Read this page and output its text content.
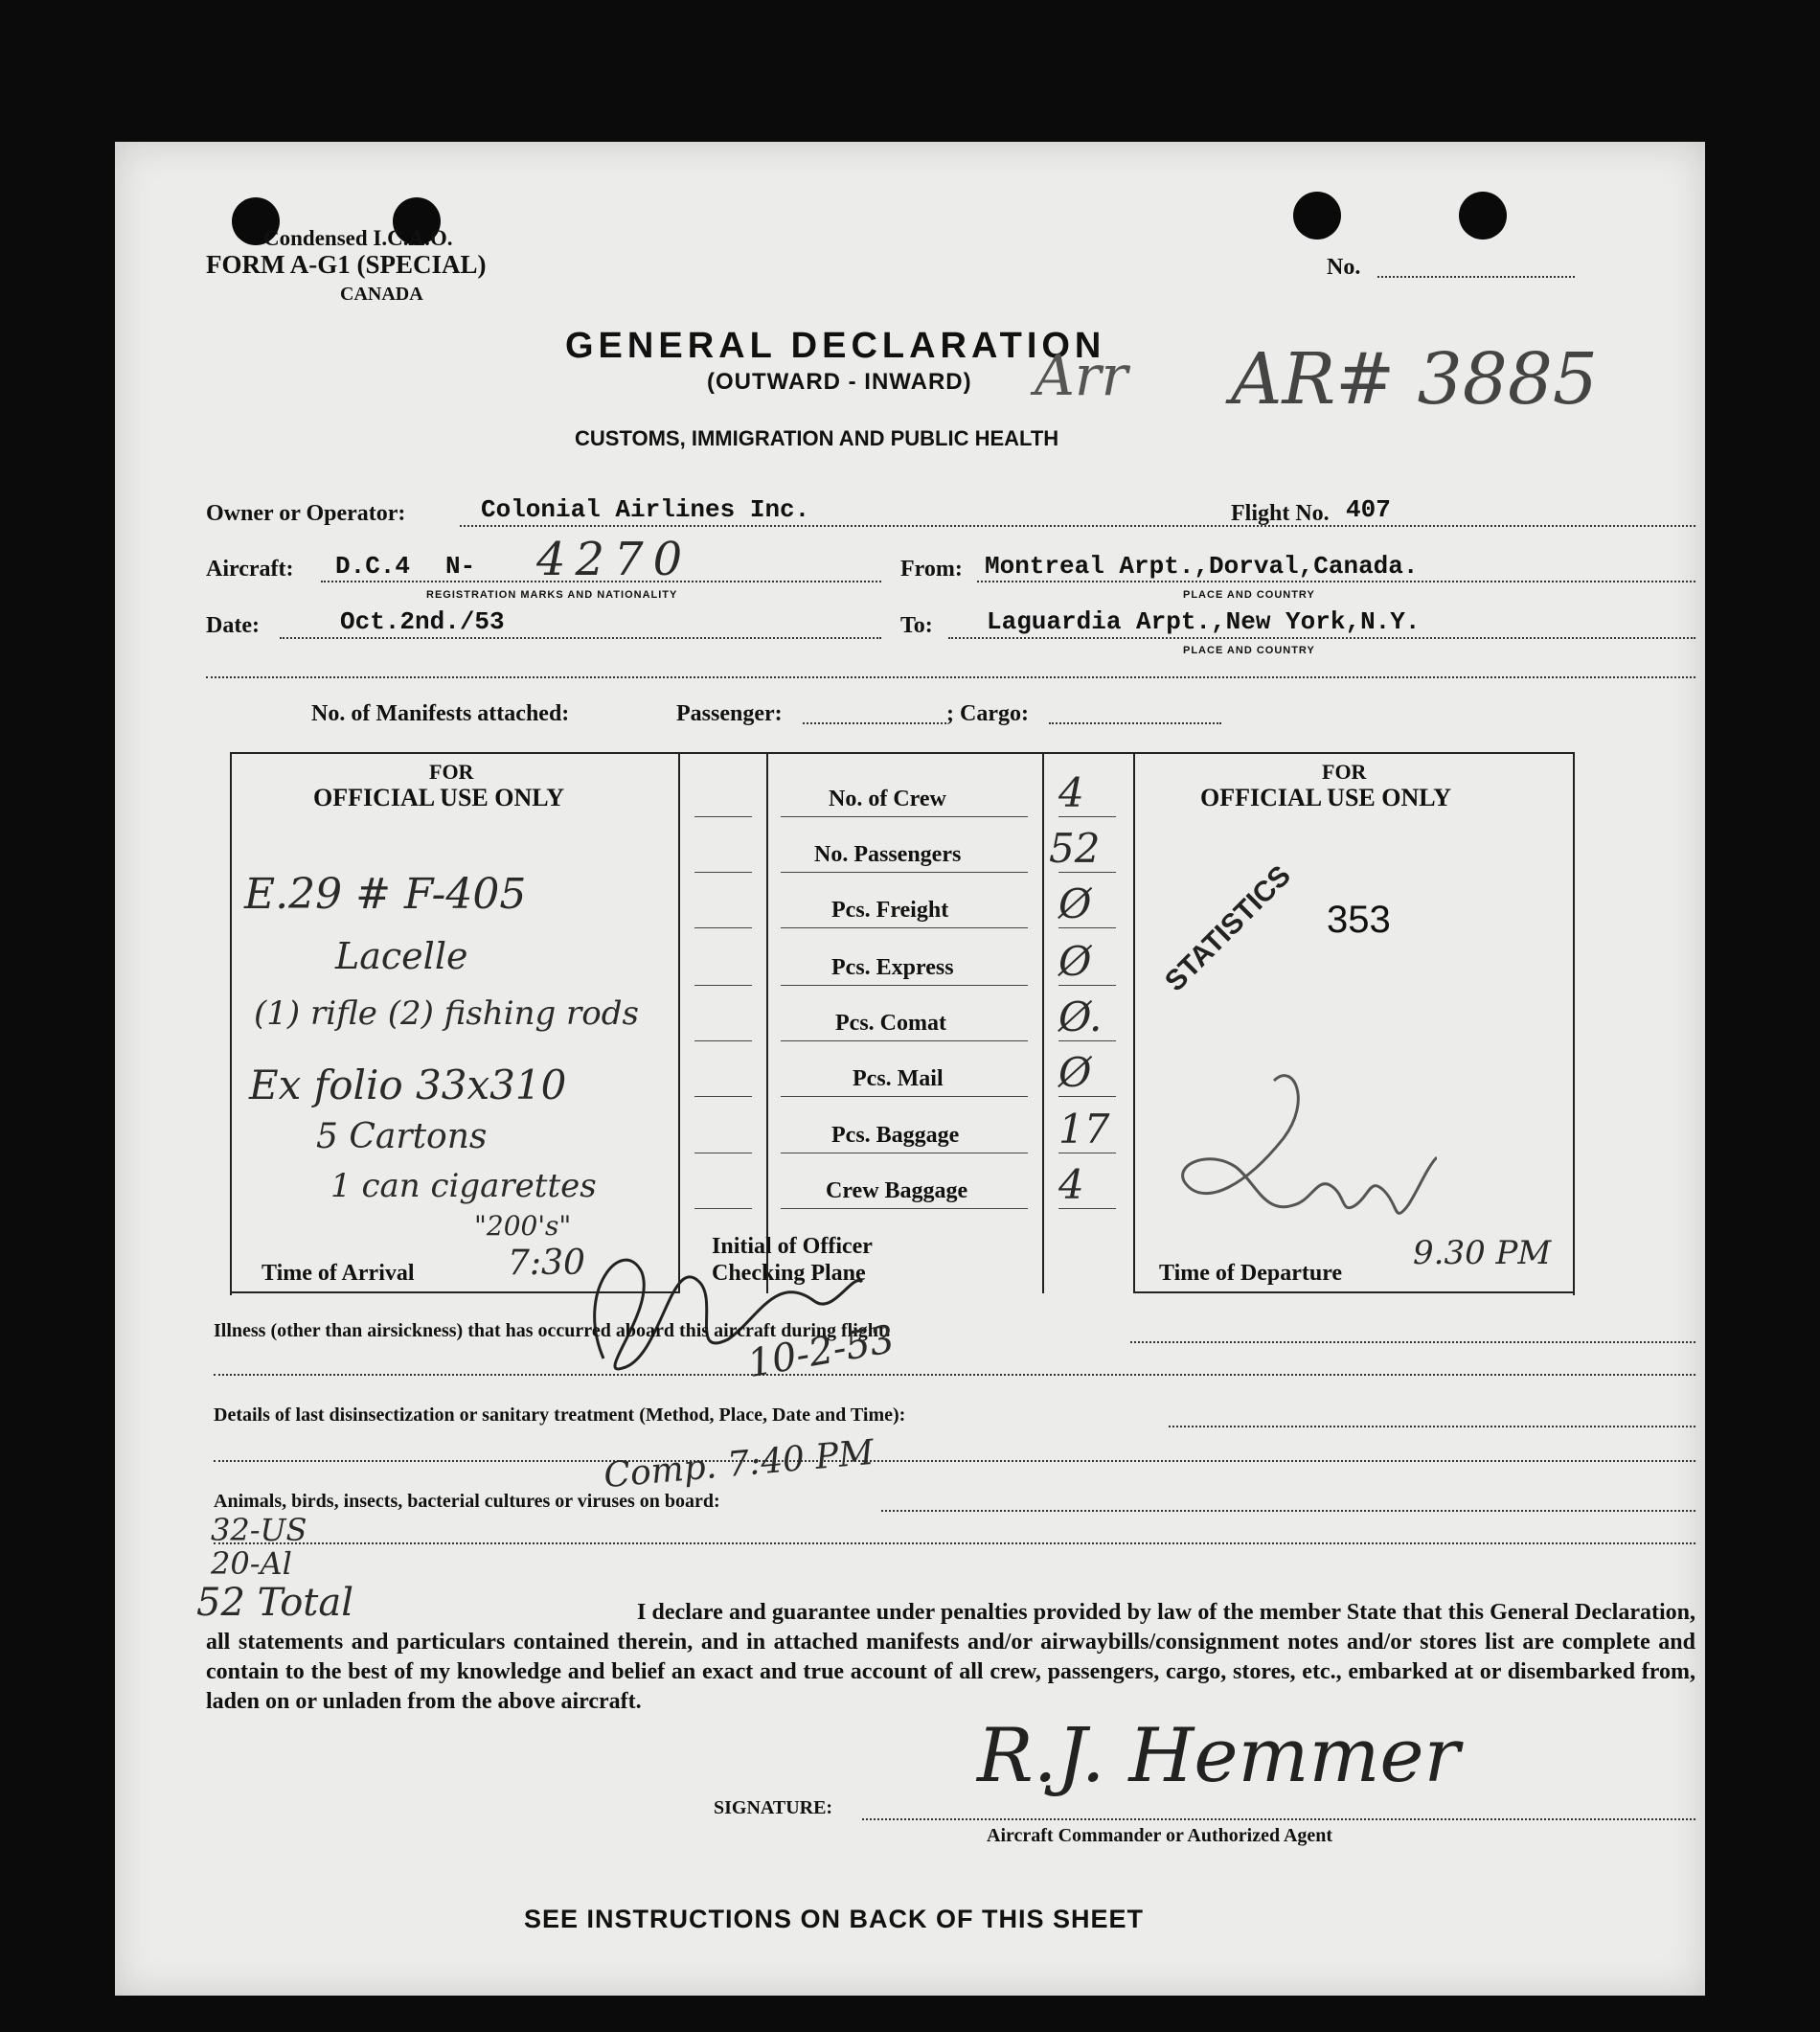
Condensed I.C.A.O.
FORM A-G1 (SPECIAL)
CANADA
No.
GENERAL DECLARATION
(OUTWARD - INWARD)
CUSTOMS, IMMIGRATION AND PUBLIC HEALTH
Arr AR# 3885
Owner or Operator:	Colonial Airlines Inc.	Flight No. 407
Aircraft: D.C.4 N- 4270
REGISTRATION MARKS AND NATIONALITY
From: Montreal Arpt.,Dorval,Canada.
PLACE AND COUNTRY
Date:	Oct.2nd./53	To: Laguardia Arpt.,New York,N.Y.
PLACE AND COUNTRY
No. of Manifests attached:	Passenger:	; Cargo:
FOR
OFFICIAL USE ONLY
FOR
OFFICIAL USE ONLY
No. of Crew	4
No. Passengers 52
Pcs. Freight	Ø
Pcs. Express	Ø
Pcs. Comat	Ø.
Pcs. Mail	Ø
Pcs. Baggage 17
Crew Baggage 4
E.29 # F-405
Lacelle
(1) rifle (2) fishing rods
Ex folio 33x310
5 Cartons
1 can cigarettes
"200's"
STATISTICS 353
Time of Arrival	7:30	Initial of Officer
Checking Plane	Time of Departure
9.30 PM
Illness (other than airsickness) that has occurred aboard this aircraft during flight:
Details of last disinsectization or sanitary treatment (Method, Place, Date and Time):
Animals, birds, insects, bacterial cultures or viruses on board:
10-2-53
Comp. 7:40 PM
32-US
20-Al
52 Total	I declare and guarantee under penalties provided by law of the member State that this General Declaration, all statements and particulars contained therein, and in attached manifests and/or airwaybills/consignment notes and/or stores list are complete and contain to the best of my knowledge and belief an exact and true account of all crew, passengers, cargo, stores, etc., embarked at or disembarked from, laden on or unladen from the above aircraft.
SIGNATURE:
R.J. Hemmer
Aircraft Commander or Authorized Agent
SEE INSTRUCTIONS ON BACK OF THIS SHEET
